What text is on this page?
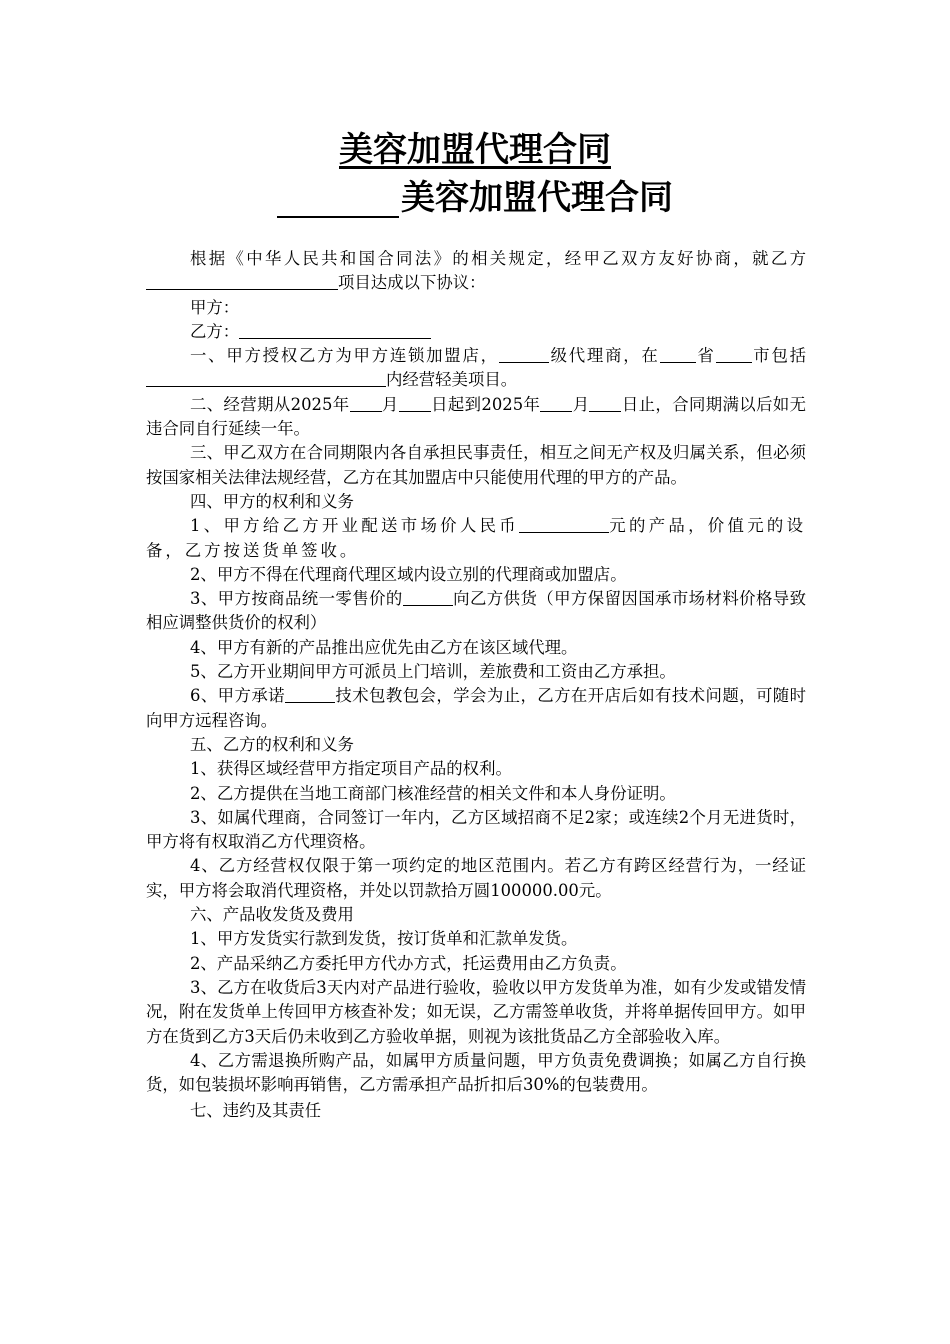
美容加盟代理合同
美容加盟代理合同

根据《中华人民共和国合同法》的相关规定，经甲乙双方友好协商，就乙方项目达成以下协议：

甲方：

乙方：

一、甲方授权乙方为甲方连锁加盟店，	级代理商，在 省 市包括内经营轻美项目。

二、经营期从2025年 月 日起到2025年 月 日止，合同期满以后如无违合同自行延续一年。

三、甲乙双方在合同期限内各自承担民事责任，相互之间无产权及归属关系，但必须按国家相关法律法规经营，乙方在其加盟店中只能使用代理的甲方的产品。

四、甲方的权利和义务

1、甲方给乙方开业配送市场价人民币	元的产品，价值元的设备，乙方按送货单签收。

2、甲方不得在代理商代理区域内设立别的代理商或加盟店。

3、甲方按商品统一零售价的	向乙方供货（甲方保留因国承市场材料价格导致相应调整供货价的权利）

4、甲方有新的产品推出应优先由乙方在该区域代理。

5、乙方开业期间甲方可派员上门培训，差旅费和工资由乙方承担。

6、甲方承诺	技术包教包会，学会为止，乙方在开店后如有技术问题，可随时向甲方远程咨询。

五、乙方的权利和义务

1、获得区域经营甲方指定项目产品的权利。

2、乙方提供在当地工商部门核准经营的相关文件和本人身份证明。

3、如属代理商，合同签订一年内，乙方区域招商不足2家；或连续2个月无进货时，甲方将有权取消乙方代理资格。

4、乙方经营权仅限于第一项约定的地区范围内。若乙方有跨区经营行为，一经证实，甲方将会取消代理资格，并处以罚款拾万圆100000.00元。

六、产品收发货及费用

1、甲方发货实行款到发货，按订货单和汇款单发货。

2、产品采纳乙方委托甲方代办方式，托运费用由乙方负责。

3、乙方在收货后3天内对产品进行验收，验收以甲方发货单为准，如有少发或错发情况，附在发货单上传回甲方核查补发；如无误，乙方需签单收货，并将单据传回甲方。如甲方在货到乙方3天后仍未收到乙方验收单据，则视为该批货品乙方全部验收入库。

4、乙方需退换所购产品，如属甲方质量问题，甲方负责免费调换；如属乙方自行换货，如包装损坏影响再销售，乙方需承担产品折扣后30%的包装费用。

七、违约及其责任
